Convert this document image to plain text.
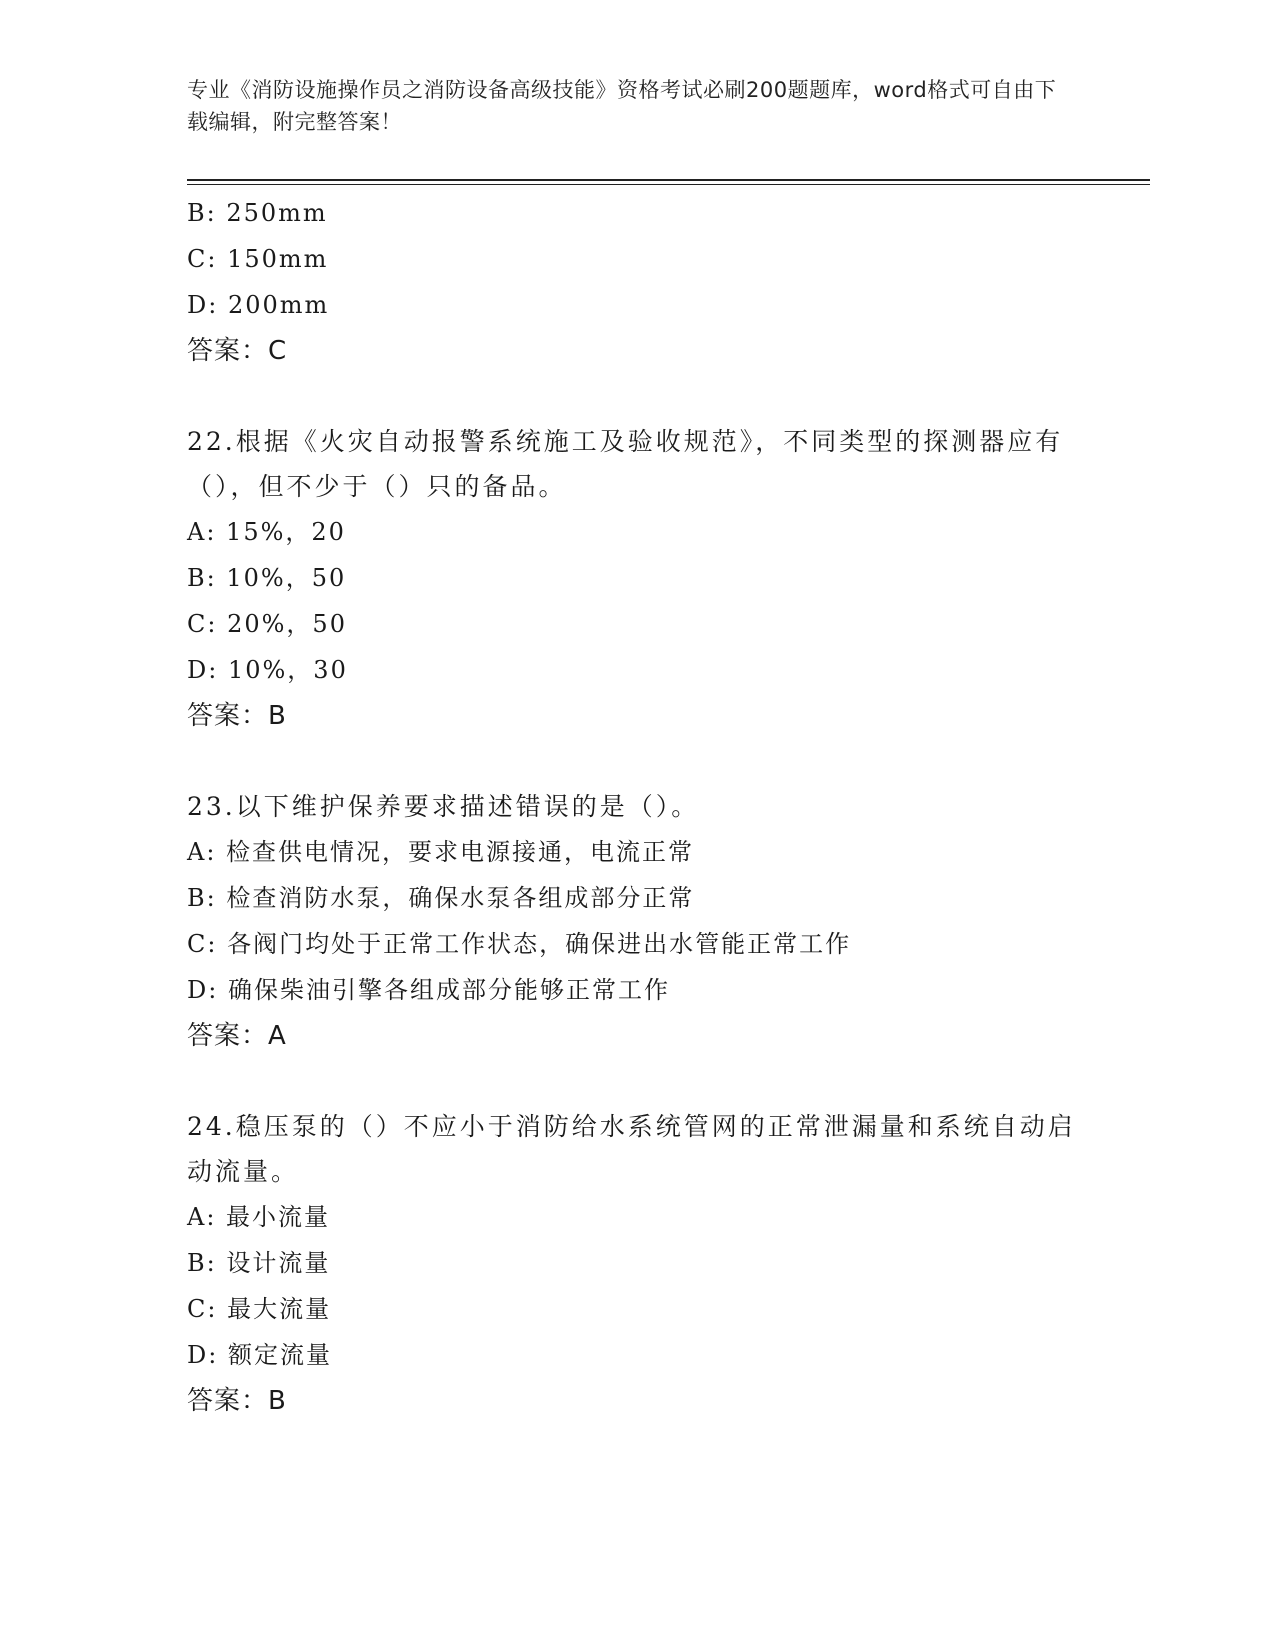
专业《消防设施操作员之消防设备高级技能》资格考试必刷200题题库，word格式可自由下载编辑，附完整答案！
B: 250mm
C: 150mm
D: 200mm
答案：C
22.根据《火灾自动报警系统施工及验收规范》，不同类型的探测器应有（），但不少于（）只的备品。
A: 15%，20
B: 10%，50
C: 20%，50
D: 10%，30
答案：B
23.以下维护保养要求描述错误的是（）。
A: 检查供电情况，要求电源接通，电流正常
B: 检查消防水泵，确保水泵各组成部分正常
C: 各阀门均处于正常工作状态，确保进出水管能正常工作
D: 确保柴油引擎各组成部分能够正常工作
答案：A
24.稳压泵的（）不应小于消防给水系统管网的正常泄漏量和系统自动启动流量。
A: 最小流量
B: 设计流量
C: 最大流量
D: 额定流量
答案：B
